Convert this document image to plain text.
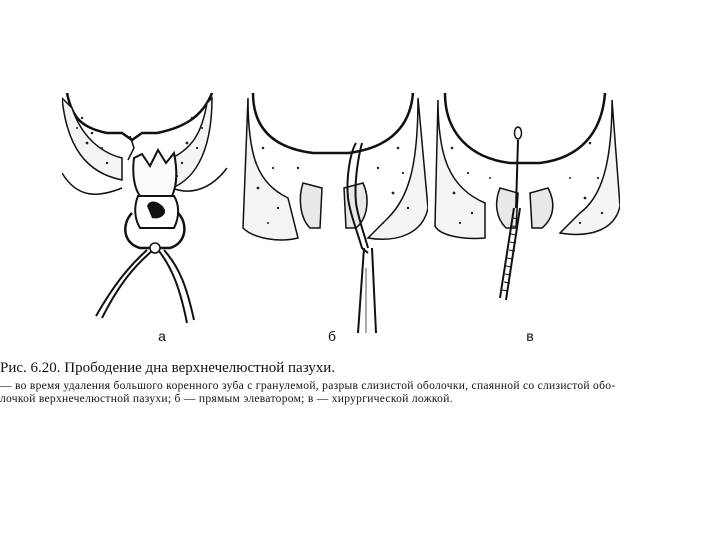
а	б	в
Рис. 6.20. Прободение дна верхнечелюстной пазухи.
— во время удаления большого коренного зуба с гранулемой, разрыв слизистой оболочки, спаянной со слизистой обо-
лочкой верхнечелюстной пазухи; б — прямым элеватором; в — хирургической ложкой.
